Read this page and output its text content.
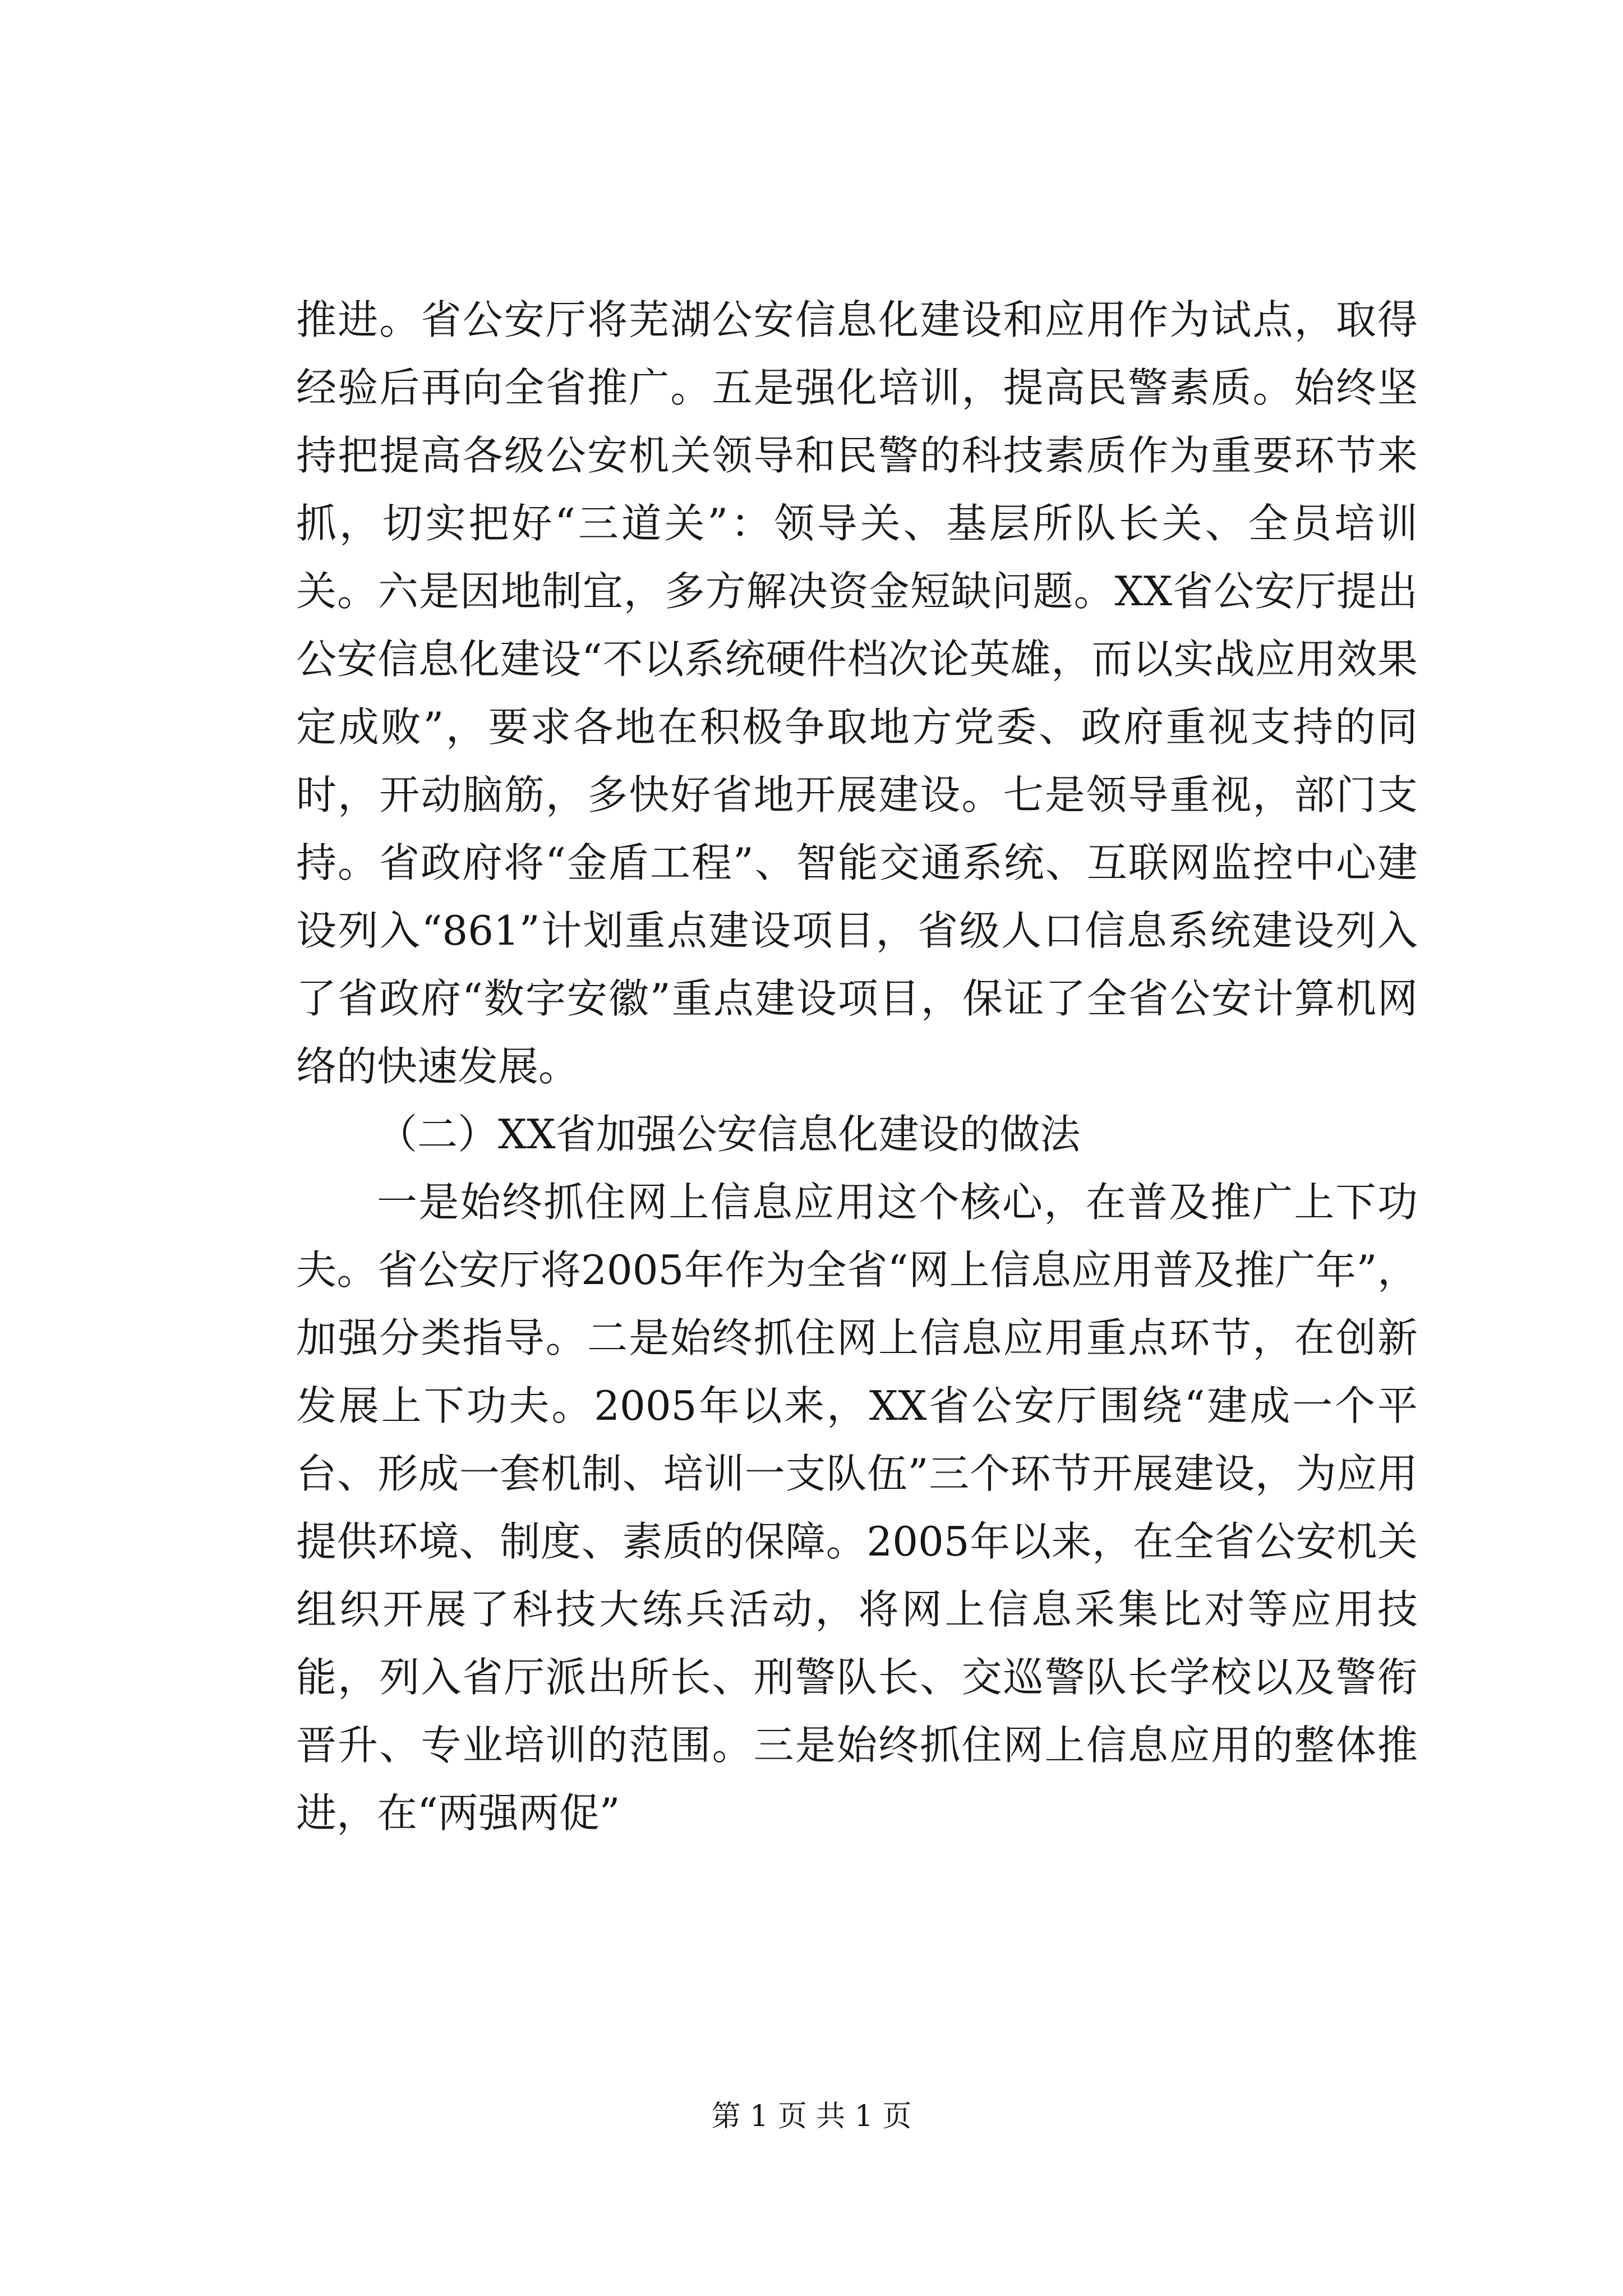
推进。省公安厅将芜湖公安信息化建设和应用作为试点，取得经验后再向全省推广。五是强化培训，提高民警素质。始终坚持把提高各级公安机关领导和民警的科技素质作为重要环节来抓，切实把好“三道关”：领导关、基层所队长关、全员培训关。六是因地制宜，多方解决资金短缺问题。XX省公安厅提出公安信息化建设“不以系统硬件档次论英雄，而以实战应用效果定成败”，要求各地在积极争取地方党委、政府重视支持的同时，开动脑筋，多快好省地开展建设。七是领导重视，部门支持。省政府将“金盾工程”、智能交通系统、互联网监控中心建设列入“861”计划重点建设项目，省级人口信息系统建设列入了省政府“数字安徽”重点建设项目，保证了全省公安计算机网络的快速发展。

（二）XX省加强公安信息化建设的做法

一是始终抓住网上信息应用这个核心，在普及推广上下功夫。省公安厅将2005年作为全省“网上信息应用普及推广年”，加强分类指导。二是始终抓住网上信息应用重点环节，在创新发展上下功夫。2005年以来，XX省公安厅围绕“建成一个平台、形成一套机制、培训一支队伍”三个环节开展建设，为应用提供环境、制度、素质的保障。2005年以来，在全省公安机关组织开展了科技大练兵活动，将网上信息采集比对等应用技能，列入省厅派出所长、刑警队长、交巡警队长学校以及警衔晋升、专业培训的范围。三是始终抓住网上信息应用的整体推进，在“两强两促”

第 1 页 共 1 页
